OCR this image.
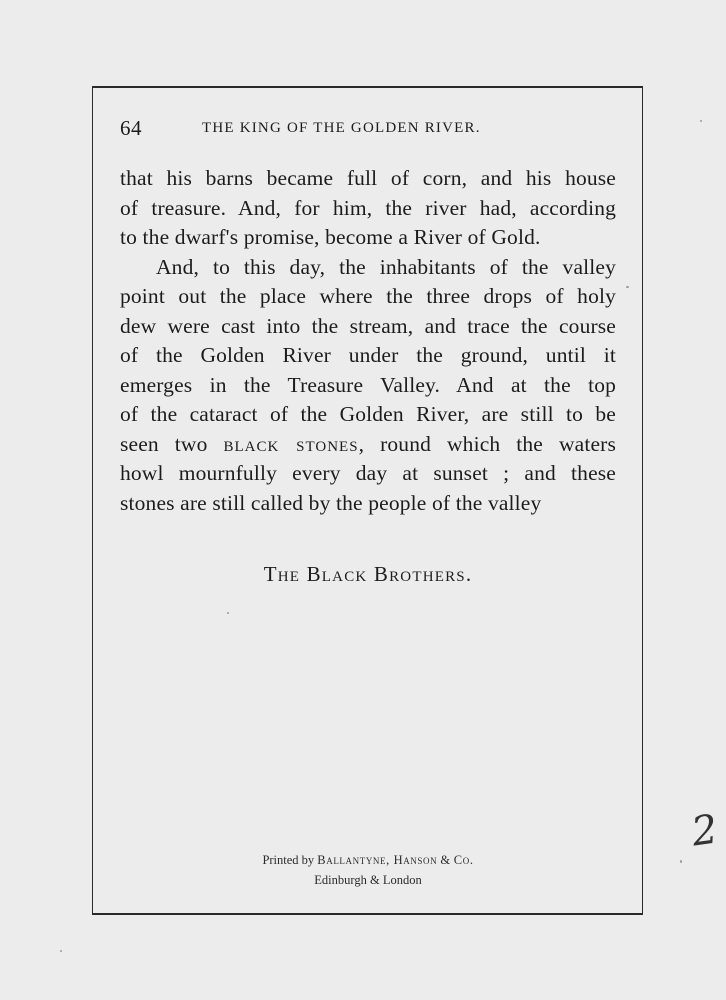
64	THE KING OF THE GOLDEN RIVER.
that his barns became full of corn, and his house
of treasure. And, for him, the river had, according
to the dwarf's promise, become a River of Gold.
And, to this day, the inhabitants of the valley
point out the place where the three drops of holy
dew were cast into the stream, and trace the course
of the Golden River under the ground, until it
emerges in the Treasure Valley. And at the top
of the cataract of the Golden River, are still to be
seen two black stones, round which the waters
howl mournfully every day at sunset ; and these
stones are still called by the people of the valley
The Black Brothers.
Printed by Ballantyne, Hanson & Co.
Edinburgh & London
2
